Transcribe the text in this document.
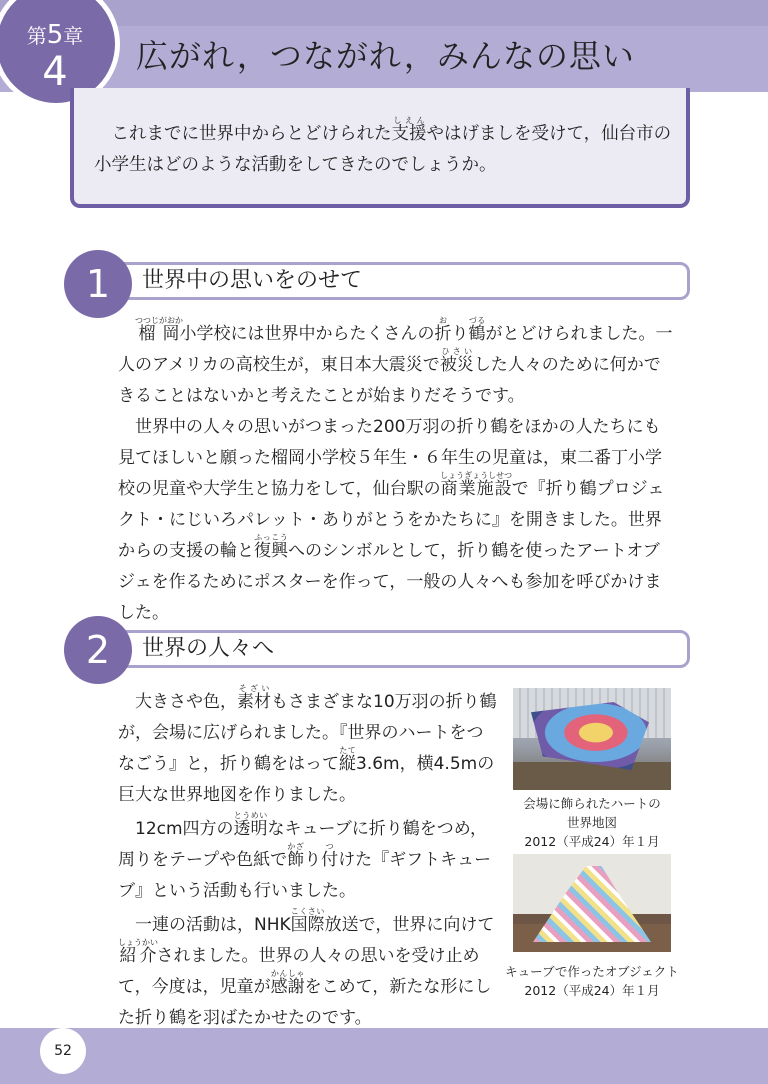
第5章
4	広がれ，つながれ，みんなの思い
これまでに世界中からとどけられた支援しえんやはげましを受けて，仙台市の小学生はどのような活動をしてきたのでしょうか。
1	世界中の思いをのせて

榴岡つつじがおか小学校には世界中からたくさんの折おり鶴づるがとどけられました。一人のアメリカの高校生が，東日本大震災で被災ひさいした人々のために何かできることはないかと考えたことが始まりだそうです。

世界中の人々の思いがつまった200万羽の折り鶴をほかの人たちにも見てほしいと願った榴岡小学校５年生・６年生の児童は，東二番丁小学校の児童や大学生と協力をして，仙台駅の商業施設しょうぎょうしせつで『折り鶴プロジェクト・にじいろパレット・ありがとうをかたちに』を開きました。世界からの支援の輪と復興ふっこうへのシンボルとして，折り鶴を使ったアートオブジェを作るためにポスターを作って，一般の人々へも参加を呼びかけました。

2	世界の人々へ

大きさや色，素材そざいもさまざまな10万羽の折り鶴が，会場に広げられました。『世界のハートをつなごう』と，折り鶴をはって縦たて3.6m，横4.5mの巨大な世界地図を作りました。

12cm四方の透明とうめいなキューブに折り鶴をつめ，周りをテープや色紙で飾かざり付つけた『ギフトキューブ』という活動も行いました。

一連の活動は，NHK国際こくさい放送で，世界に向けて紹介しょうかいされました。世界の人々の思いを受け止めて，今度は，児童が感謝かんしゃをこめて，新たな形にした折り鶴を羽ばたかせたのです。

会場に飾られたハートの
世界地図
2012（平成24）年１月
キューブで作ったオブジェクト
2012（平成24）年１月
52
